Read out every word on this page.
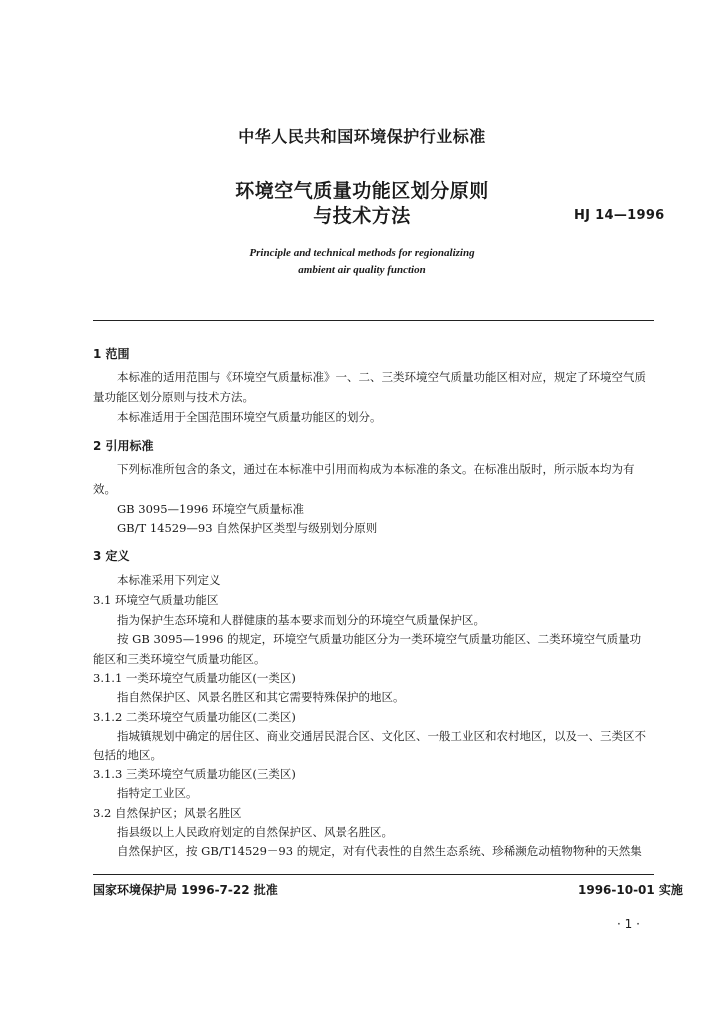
中华人民共和国环境保护行业标准
环境空气质量功能区划分原则
与技术方法	HJ 14—1996
Principle and technical methods for regionalizing
ambient air quality function
1 范围
本标准的适用范围与《环境空气质量标准》一、二、三类环境空气质量功能区相对应，规定了环境空气质
量功能区划分原则与技术方法。
本标准适用于全国范围环境空气质量功能区的划分。
2 引用标准
下列标准所包含的条文，通过在本标准中引用而构成为本标准的条文。在标准出版时，所示版本均为有
效。
GB 3095—1996 环境空气质量标准
GB/T 14529—93 自然保护区类型与级别划分原则
3 定义
本标准采用下列定义
3.1 环境空气质量功能区
指为保护生态环境和人群健康的基本要求而划分的环境空气质量保护区。
按 GB 3095—1996 的规定，环境空气质量功能区分为一类环境空气质量功能区、二类环境空气质量功
能区和三类环境空气质量功能区。
3.1.1 一类环境空气质量功能区(一类区)
指自然保护区、风景名胜区和其它需要特殊保护的地区。
3.1.2 二类环境空气质量功能区(二类区)
指城镇规划中确定的居住区、商业交通居民混合区、文化区、一般工业区和农村地区，以及一、三类区不
包括的地区。
3.1.3 三类环境空气质量功能区(三类区)
指特定工业区。
3.2 自然保护区；风景名胜区
指县级以上人民政府划定的自然保护区、风景名胜区。
自然保护区，按 GB/T14529－93 的规定，对有代表性的自然生态系统、珍稀濒危动植物物种的天然集
国家环境保护局 1996-7-22 批准	1996-10-01 实施
· 1 ·
